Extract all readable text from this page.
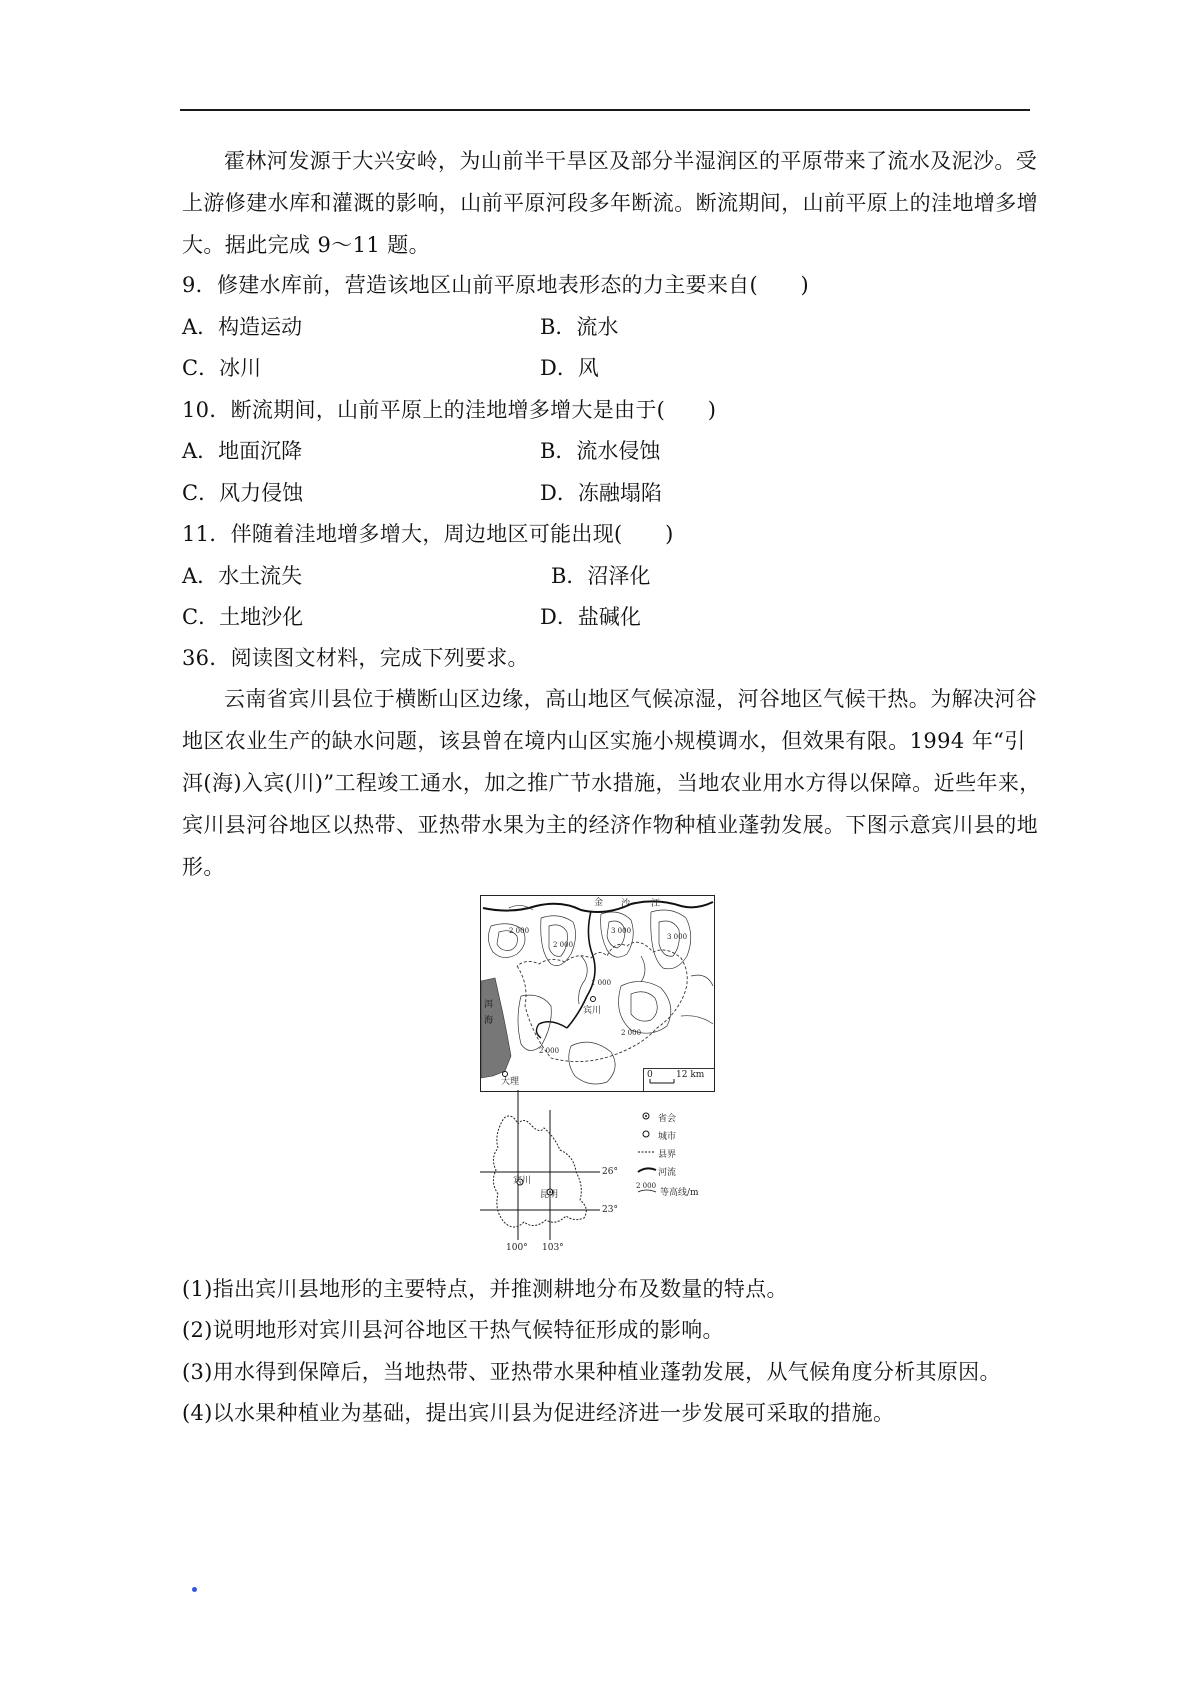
霍林河发源于大兴安岭，为山前半干旱区及部分半湿润区的平原带来了流水及泥沙。受
上游修建水库和灌溉的影响，山前平原河段多年断流。断流期间，山前平原上的洼地增多增
大。据此完成 9～11 题。
9．修建水库前，营造该地区山前平原地表形态的力主要来自(　　)
A．构造运动	B．流水
C．冰川	D．风
10．断流期间，山前平原上的洼地增多增大是由于(　　)
A．地面沉降	B．流水侵蚀
C．风力侵蚀	D．冻融塌陷
11．伴随着洼地增多增大，周边地区可能出现(　　)
A．水土流失	B．沼泽化
C．土地沙化	D．盐碱化
36．阅读图文材料，完成下列要求。
云南省宾川县位于横断山区边缘，高山地区气候凉湿，河谷地区气候干热。为解决河谷
地区农业生产的缺水问题，该县曾在境内山区实施小规模调水，但效果有限。1994 年“引
洱(海)入宾(川)”工程竣工通水，加之推广节水措施，当地农业用水方得以保障。近些年来，
宾川县河谷地区以热带、亚热带水果为主的经济作物种植业蓬勃发展。下图示意宾川县的地
形。
金 沙 江
洱
海
宾川
大理
2 000
2 000
2 000
2 000
3 000
3 000
1 000
0	12 km
宾川
昆明
26°
23°
100° 103°
省会
城市
县界
河流
2 000
等高线/m
(1)指出宾川县地形的主要特点，并推测耕地分布及数量的特点。
(2)说明地形对宾川县河谷地区干热气候特征形成的影响。
(3)用水得到保障后，当地热带、亚热带水果种植业蓬勃发展，从气候角度分析其原因。
(4)以水果种植业为基础，提出宾川县为促进经济进一步发展可采取的措施。
